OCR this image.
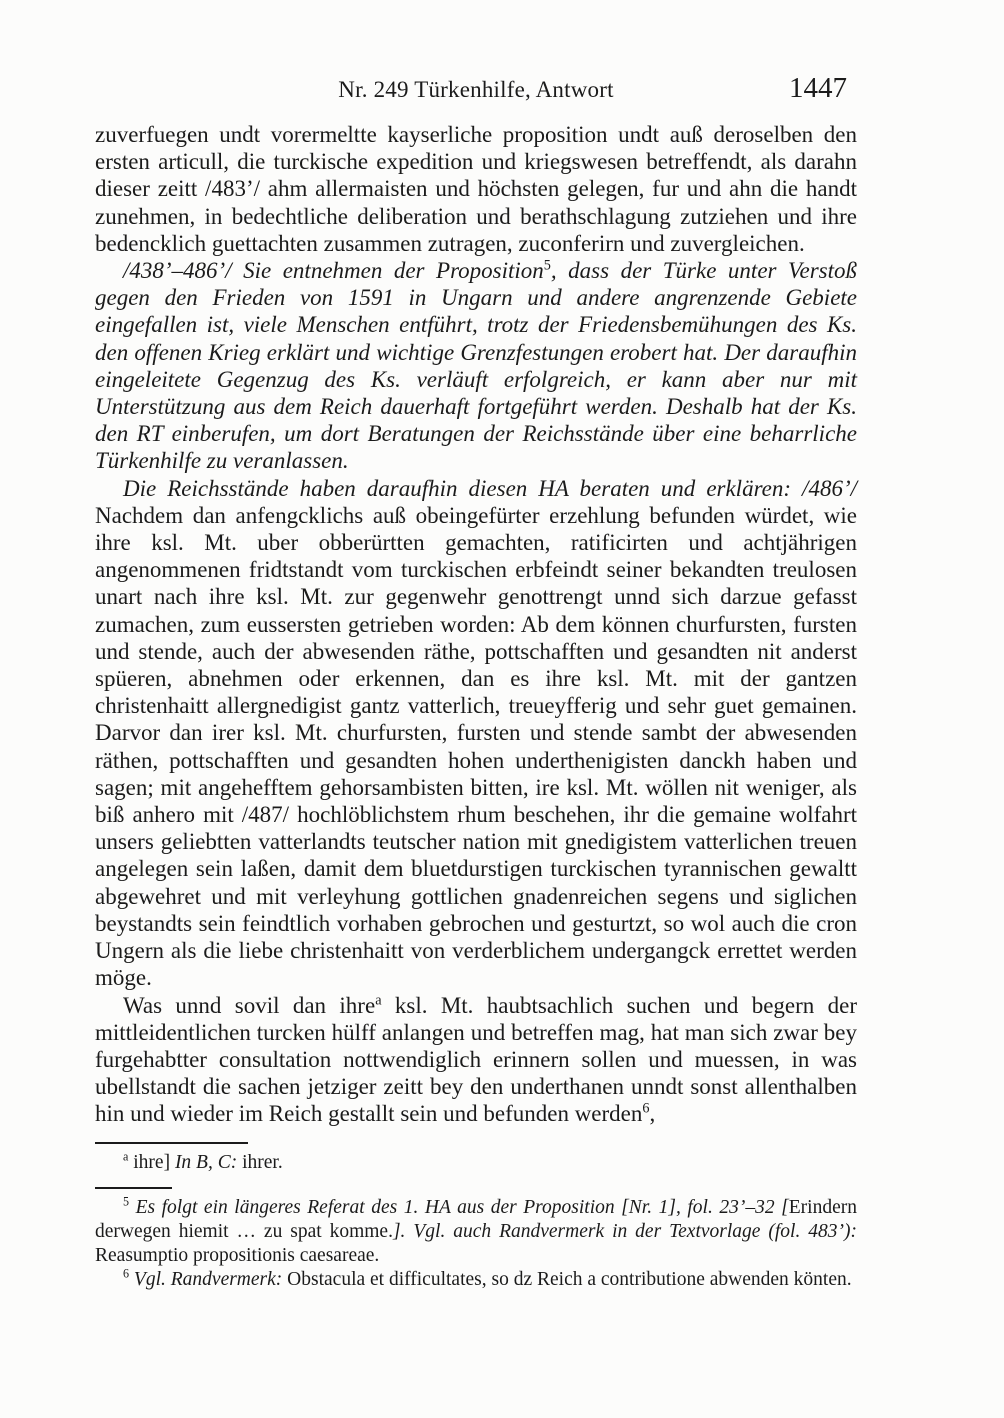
Nr. 249 Türkenhilfe, Antwort	1447

zuverfuegen undt vorermeltte kayserliche proposition undt auß deroselben den ersten articull, die turckische expedition und kriegswesen betreffendt, als darahn dieser zeitt /483’/ ahm allermaisten und höchsten gelegen, fur und ahn die handt zunehmen, in bedechtliche deliberation und berathschlagung zutziehen und ihre bedencklich guettachten zusammen zutragen, zuconferirn und zuvergleichen.

/438’–486’/ Sie entnehmen der Proposition$^5$, dass der Türke unter Verstoß gegen den Frieden von 1591 in Ungarn und andere angrenzende Gebiete eingefallen ist, viele Menschen entführt, trotz der Friedensbemühungen des Ks. den offenen Krieg erklärt und wichtige Grenzfestungen erobert hat. Der daraufhin eingeleitete Gegenzug des Ks. verläuft erfolgreich, er kann aber nur mit Unterstützung aus dem Reich dauerhaft fortgeführt werden. Deshalb hat der Ks. den RT einberufen, um dort Beratungen der Reichsstände über eine beharrliche Türkenhilfe zu veranlassen.

Die Reichsstände haben daraufhin diesen HA beraten und erklären: /486’/ Nachdem dan anfengcklichs auß obeingefürter erzehlung befunden würdet, wie ihre ksl. Mt. uber obberürtten gemachten, ratificirten und achtjährigen angenommenen fridtstandt vom turckischen erbfeindt seiner bekandten treulosen unart nach ihre ksl. Mt. zur gegenwehr genottrengt unnd sich darzue gefasst zumachen, zum eussersten getrieben worden: Ab dem können churfursten, fursten und stende, auch der abwesenden räthe, pottschafften und gesandten nit anderst spüeren, abnehmen oder erkennen, dan es ihre ksl. Mt. mit der gantzen christenhaitt allergnedigist gantz vatterlich, treueyfferig und sehr guet gemainen. Darvor dan irer ksl. Mt. churfursten, fursten und stende sambt der abwesenden räthen, pottschafften und gesandten hohen underthenigisten danckh haben und sagen; mit angehefftem gehorsambisten bitten, ire ksl. Mt. wöllen nit weniger, als biß anhero mit /487/ hochlöblichstem rhum beschehen, ihr die gemaine wolfahrt unsers geliebtten vatterlandts teutscher nation mit gnedigistem vatterlichen treuen angelegen sein laßen, damit dem bluetdurstigen turckischen tyrannischen gewaltt abgewehret und mit verleyhung gottlichen gnadenreichen segens und siglichen beystandts sein feindtlich vorhaben gebrochen und gesturtzt, so wol auch die cron Ungern als die liebe christenhaitt von verderblichem undergangck errettet werden möge.

Was unnd sovil dan ihre$^a$ ksl. Mt. haubtsachlich suchen und begern der mittleidentlichen turcken hülff anlangen und betreffen mag, hat man sich zwar bey furgehabtter consultation nottwendiglich erinnern sollen und muessen, in was ubellstandt die sachen jetziger zeitt bey den underthanen unndt sonst allenthalben hin und wieder im Reich gestallt sein und befunden werden$^6$,

$^a$ ihre] In B, C: ihrer.

$^5$ Es folgt ein längeres Referat des 1. HA aus der Proposition [Nr. 1], fol. 23’–32 [Erindern derwegen hiemit … zu spat komme.]. Vgl. auch Randvermerk in der Textvorlage (fol. 483’): Reasumptio propositionis caesareae.

$^6$ Vgl. Randvermerk: Obstacula et difficultates, so dz Reich a contributione abwenden könten.
